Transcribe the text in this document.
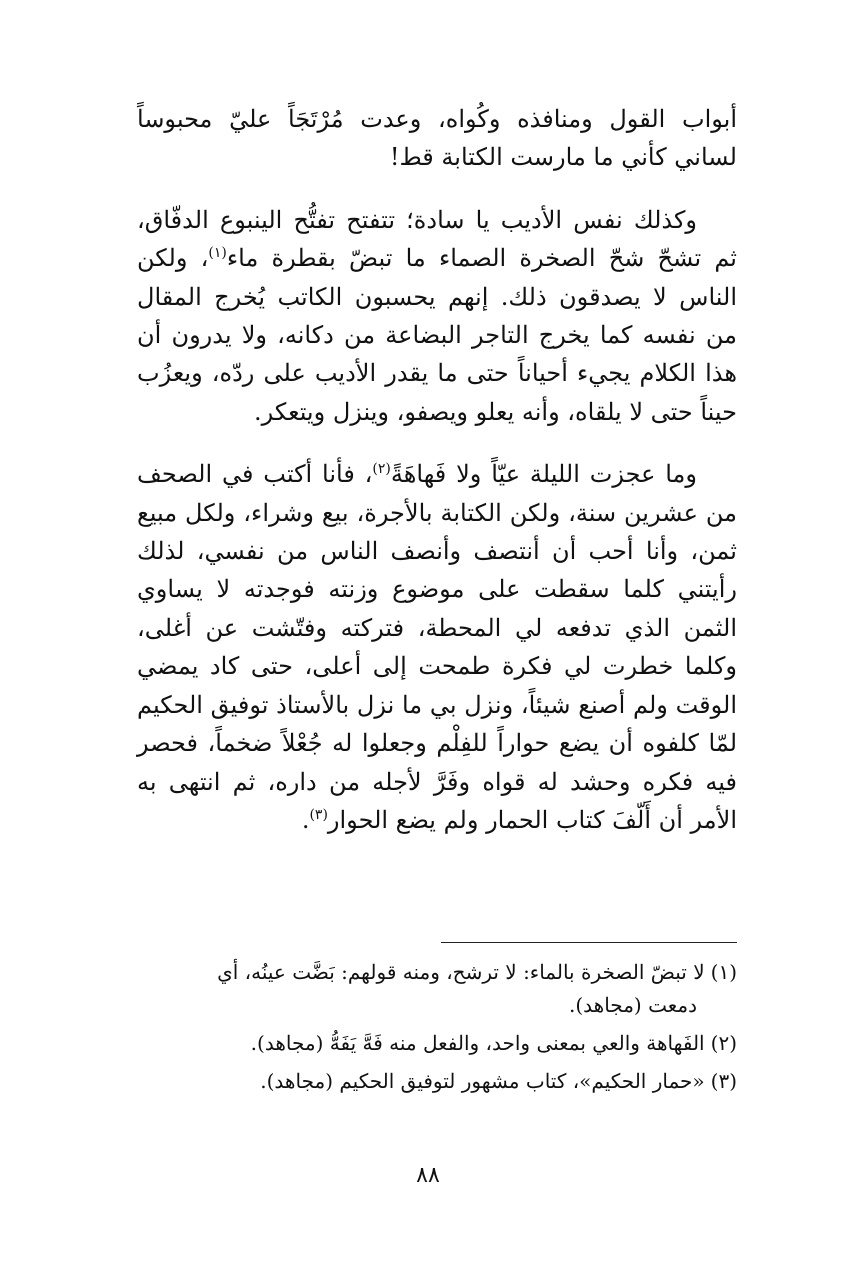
أبواب القول ومنافذه وكُواه، وعدت مُرْتَجَاً عليّ محبوساً لساني كأني ما مارست الكتابة قط!

وكذلك نفس الأديب يا سادة؛ تتفتح تفتُّح الينبوع الدفّاق، ثم تشحّ شحّ الصخرة الصماء ما تبضّ بقطرة ماء$^{(١)}$، ولكن الناس لا يصدقون ذلك. إنهم يحسبون الكاتب يُخرج المقال من نفسه كما يخرج التاجر البضاعة من دكانه، ولا يدرون أن هذا الكلام يجيء أحياناً حتى ما يقدر الأديب على ردّه، ويعزُب حيناً حتى لا يلقاه، وأنه يعلو ويصفو، وينزل ويتعكر.

وما عجزت الليلة عيّاً ولا فَهاهَةً$^{(٢)}$، فأنا أكتب في الصحف من عشرين سنة، ولكن الكتابة بالأجرة، بيع وشراء، ولكل مبيع ثمن، وأنا أحب أن أنتصف وأنصف الناس من نفسي، لذلك رأيتني كلما سقطت على موضوع وزنته فوجدته لا يساوي الثمن الذي تدفعه لي المحطة، فتركته وفتّشت عن أغلى، وكلما خطرت لي فكرة طمحت إلى أعلى، حتى كاد يمضي الوقت ولم أصنع شيئاً، ونزل بي ما نزل بالأستاذ توفيق الحكيم لمّا كلفوه أن يضع حواراً للفِلْم وجعلوا له جُعْلاً ضخماً، فحصر فيه فكره وحشد له قواه وفَرَّ لأجله من داره، ثم انتهى به الأمر أن أَلّفَ كتاب الحمار ولم يضع الحوار$^{(٣)}$.

(١)لا تبضّ الصخرة بالماء: لا ترشح، ومنه قولهم: بَضَّت عينُه، أي
دمعت (مجاهد).
(٢)الفَهاهة والعي بمعنى واحد، والفعل منه فَهَّ يَفَهُّ (مجاهد).
(٣)«حمار الحكيم»، كتاب مشهور لتوفيق الحكيم (مجاهد).
٨٨
